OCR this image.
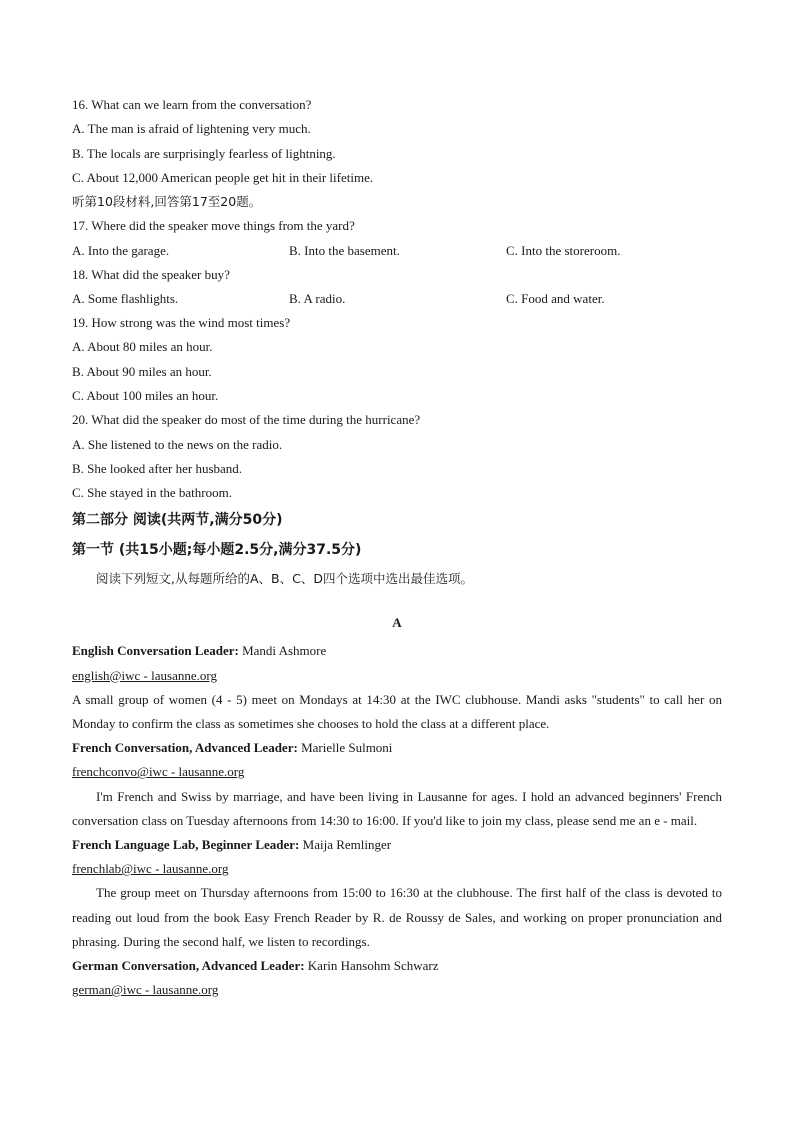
16. What can we learn from the conversation?
A. The man is afraid of lightening very much.
B. The locals are surprisingly fearless of lightning.
C. About 12,000 American people get hit in their lifetime.
听第10段材料,回答第17至20题。
17. Where did the speaker move things from the yard?
A. Into the garage.	B. Into the basement.	C. Into the storeroom.
18. What did the speaker buy?
A. Some flashlights.	B. A radio.	C. Food and water.
19. How strong was the wind most times?
A. About 80 miles an hour.
B. About 90 miles an hour.
C. About 100 miles an hour.
20. What did the speaker do most of the time during the hurricane?
A. She listened to the news on the radio.
B. She looked after her husband.
C. She stayed in the bathroom.
第二部分 阅读(共两节,满分50分)
第一节 (共15小题;每小题2.5分,满分37.5分)
阅读下列短文,从每题所给的A、B、C、D四个选项中选出最佳选项。
A
English Conversation Leader: Mandi Ashmore
english@iwc - lausanne.org
A small group of women (4 - 5) meet on Mondays at 14:30 at the IWC clubhouse. Mandi asks "students" to call her on Monday to confirm the class as sometimes she chooses to hold the class at a different place.
French Conversation, Advanced Leader: Marielle Sulmoni
frenchconvo@iwc - lausanne.org
I'm French and Swiss by marriage, and have been living in Lausanne for ages. I hold an advanced beginners' French conversation class on Tuesday afternoons from 14:30 to 16:00. If you'd like to join my class, please send me an e - mail.
French Language Lab, Beginner Leader: Maija Remlinger
frenchlab@iwc - lausanne.org
The group meet on Thursday afternoons from 15:00 to 16:30 at the clubhouse. The first half of the class is devoted to reading out loud from the book Easy French Reader by R. de Roussy de Sales, and working on proper pronunciation and phrasing. During the second half, we listen to recordings.
German Conversation, Advanced Leader: Karin Hansohm Schwarz
german@iwc - lausanne.org
